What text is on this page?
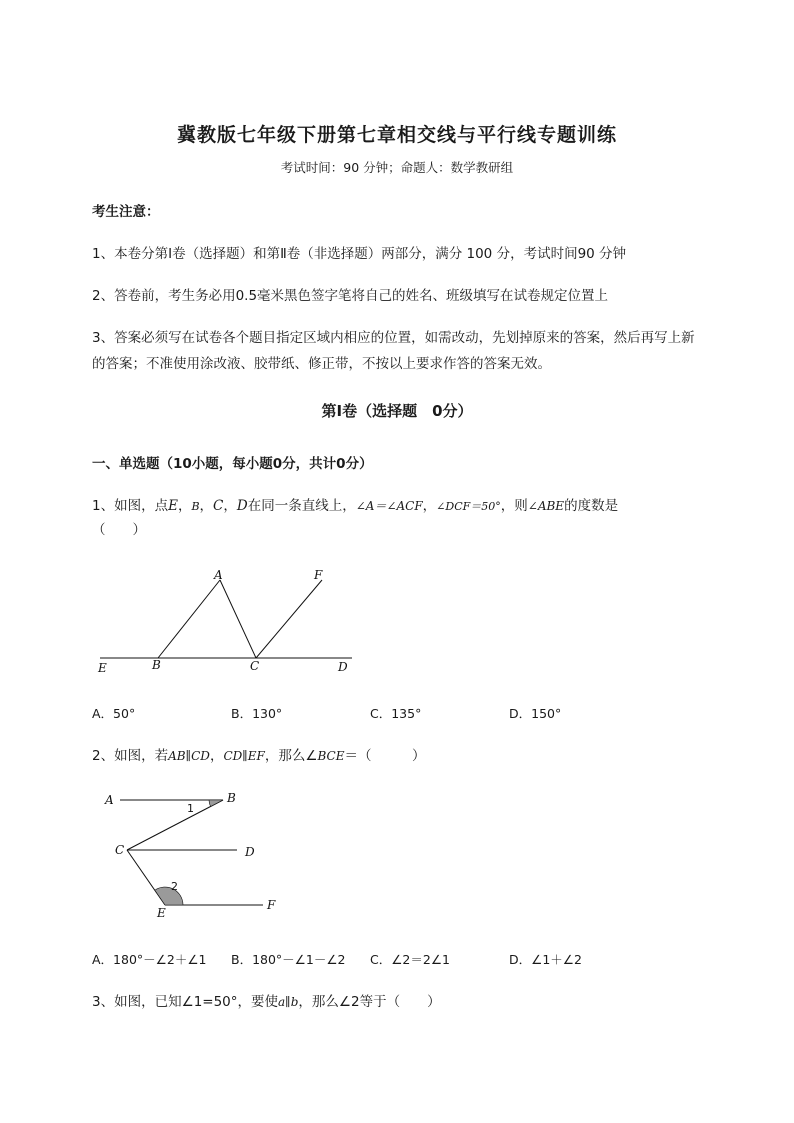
冀教版七年级下册第七章相交线与平行线专题训练
考试时间：90 分钟；命题人：数学教研组
考生注意：
1、本卷分第Ⅰ卷（选择题）和第Ⅱ卷（非选择题）两部分，满分 100 分，考试时间90 分钟
2、答卷前，考生务必用0.5毫米黑色签字笔将自己的姓名、班级填写在试卷规定位置上
3、答案必须写在试卷各个题目指定区域内相应的位置，如需改动，先划掉原来的答案，然后再写上新
的答案；不准使用涂改液、胶带纸、修正带，不按以上要求作答的答案无效。
第Ⅰ卷（选择题　0分）
一、单选题（10小题，每小题0分，共计0分）
1、如图，点E，B，C，D在同一条直线上，∠A＝∠ACF，∠DCF＝50°，则∠ABE的度数是
（　　）
A	F
E	B	C	D
A．50°	B．130°	C．135°	D．150°
2、如图，若AB∥CD，CD∥EF，那么∠BCE＝（　　　）
A	B
1
C	D
2
E
F
A．180°－∠2＋∠1 B．180°－∠1－∠2 C．∠2＝2∠1	D．∠1＋∠2
3、如图，已知∠1=50°，要使a∥b，那么∠2等于（　　）
